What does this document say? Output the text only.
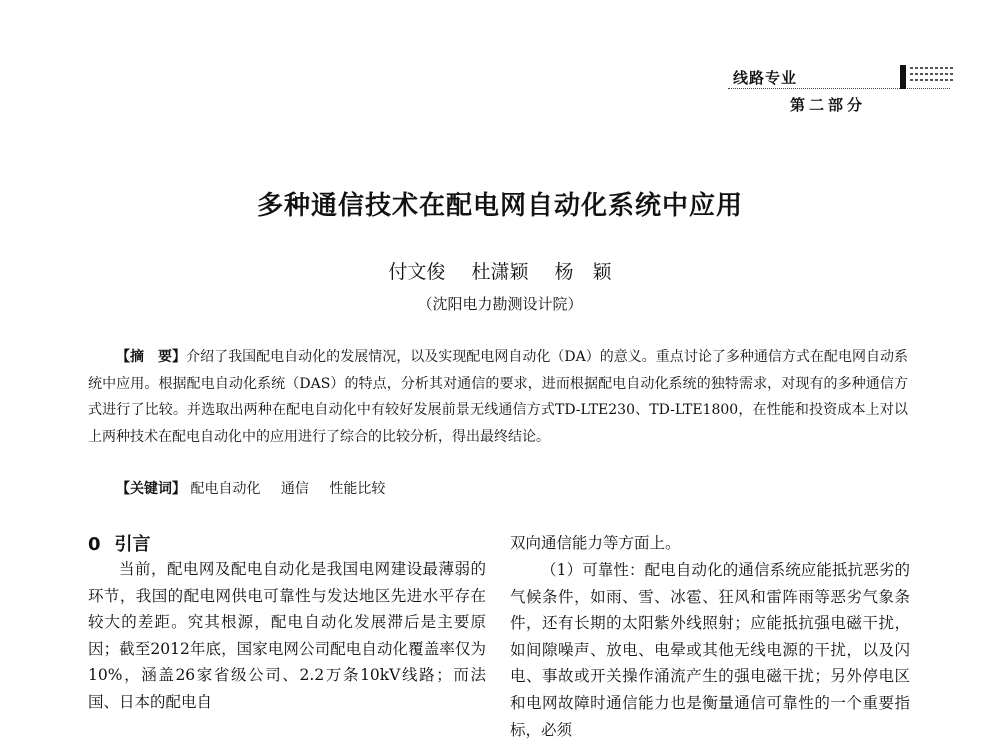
线路专业
第二部分
多种通信技术在配电网自动化系统中应用
付文俊 杜潇颖 杨　颖
（沈阳电力勘测设计院）
【摘　要】介绍了我国配电自动化的发展情况，以及实现配电网自动化（DA）的意义。重点讨论了多种通信方式在配电网自动系统中应用。根据配电自动化系统（DAS）的特点，分析其对通信的要求，进而根据配电自动化系统的独特需求，对现有的多种通信方式进行了比较。并选取出两种在配电自动化中有较好发展前景无线通信方式TD-LTE230、TD-LTE1800，在性能和投资成本上对以上两种技术在配电自动化中的应用进行了综合的比较分析，得出最终结论。
【关键词】 配电自动化 通信 性能比较
0 引言
当前，配电网及配电自动化是我国电网建设最薄弱的环节，我国的配电网供电可靠性与发达地区先进水平存在较大的差距。究其根源，配电自动化发展滞后是主要原因；截至2012年底，国家电网公司配电自动化覆盖率仅为10%，涵盖26家省级公司、2.2万条10kV线路；而法国、日本的配电自
双向通信能力等方面上。
（1）可靠性：配电自动化的通信系统应能抵抗恶劣的气候条件，如雨、雪、冰雹、狂风和雷阵雨等恶劣气象条件，还有长期的太阳紫外线照射；应能抵抗强电磁干扰，如间隙噪声、放电、电晕或其他无线电源的干扰，以及闪电、事故或开关操作涌流产生的强电磁干扰；另外停电区和电网故障时通信能力也是衡量通信可靠性的一个重要指标，必须
